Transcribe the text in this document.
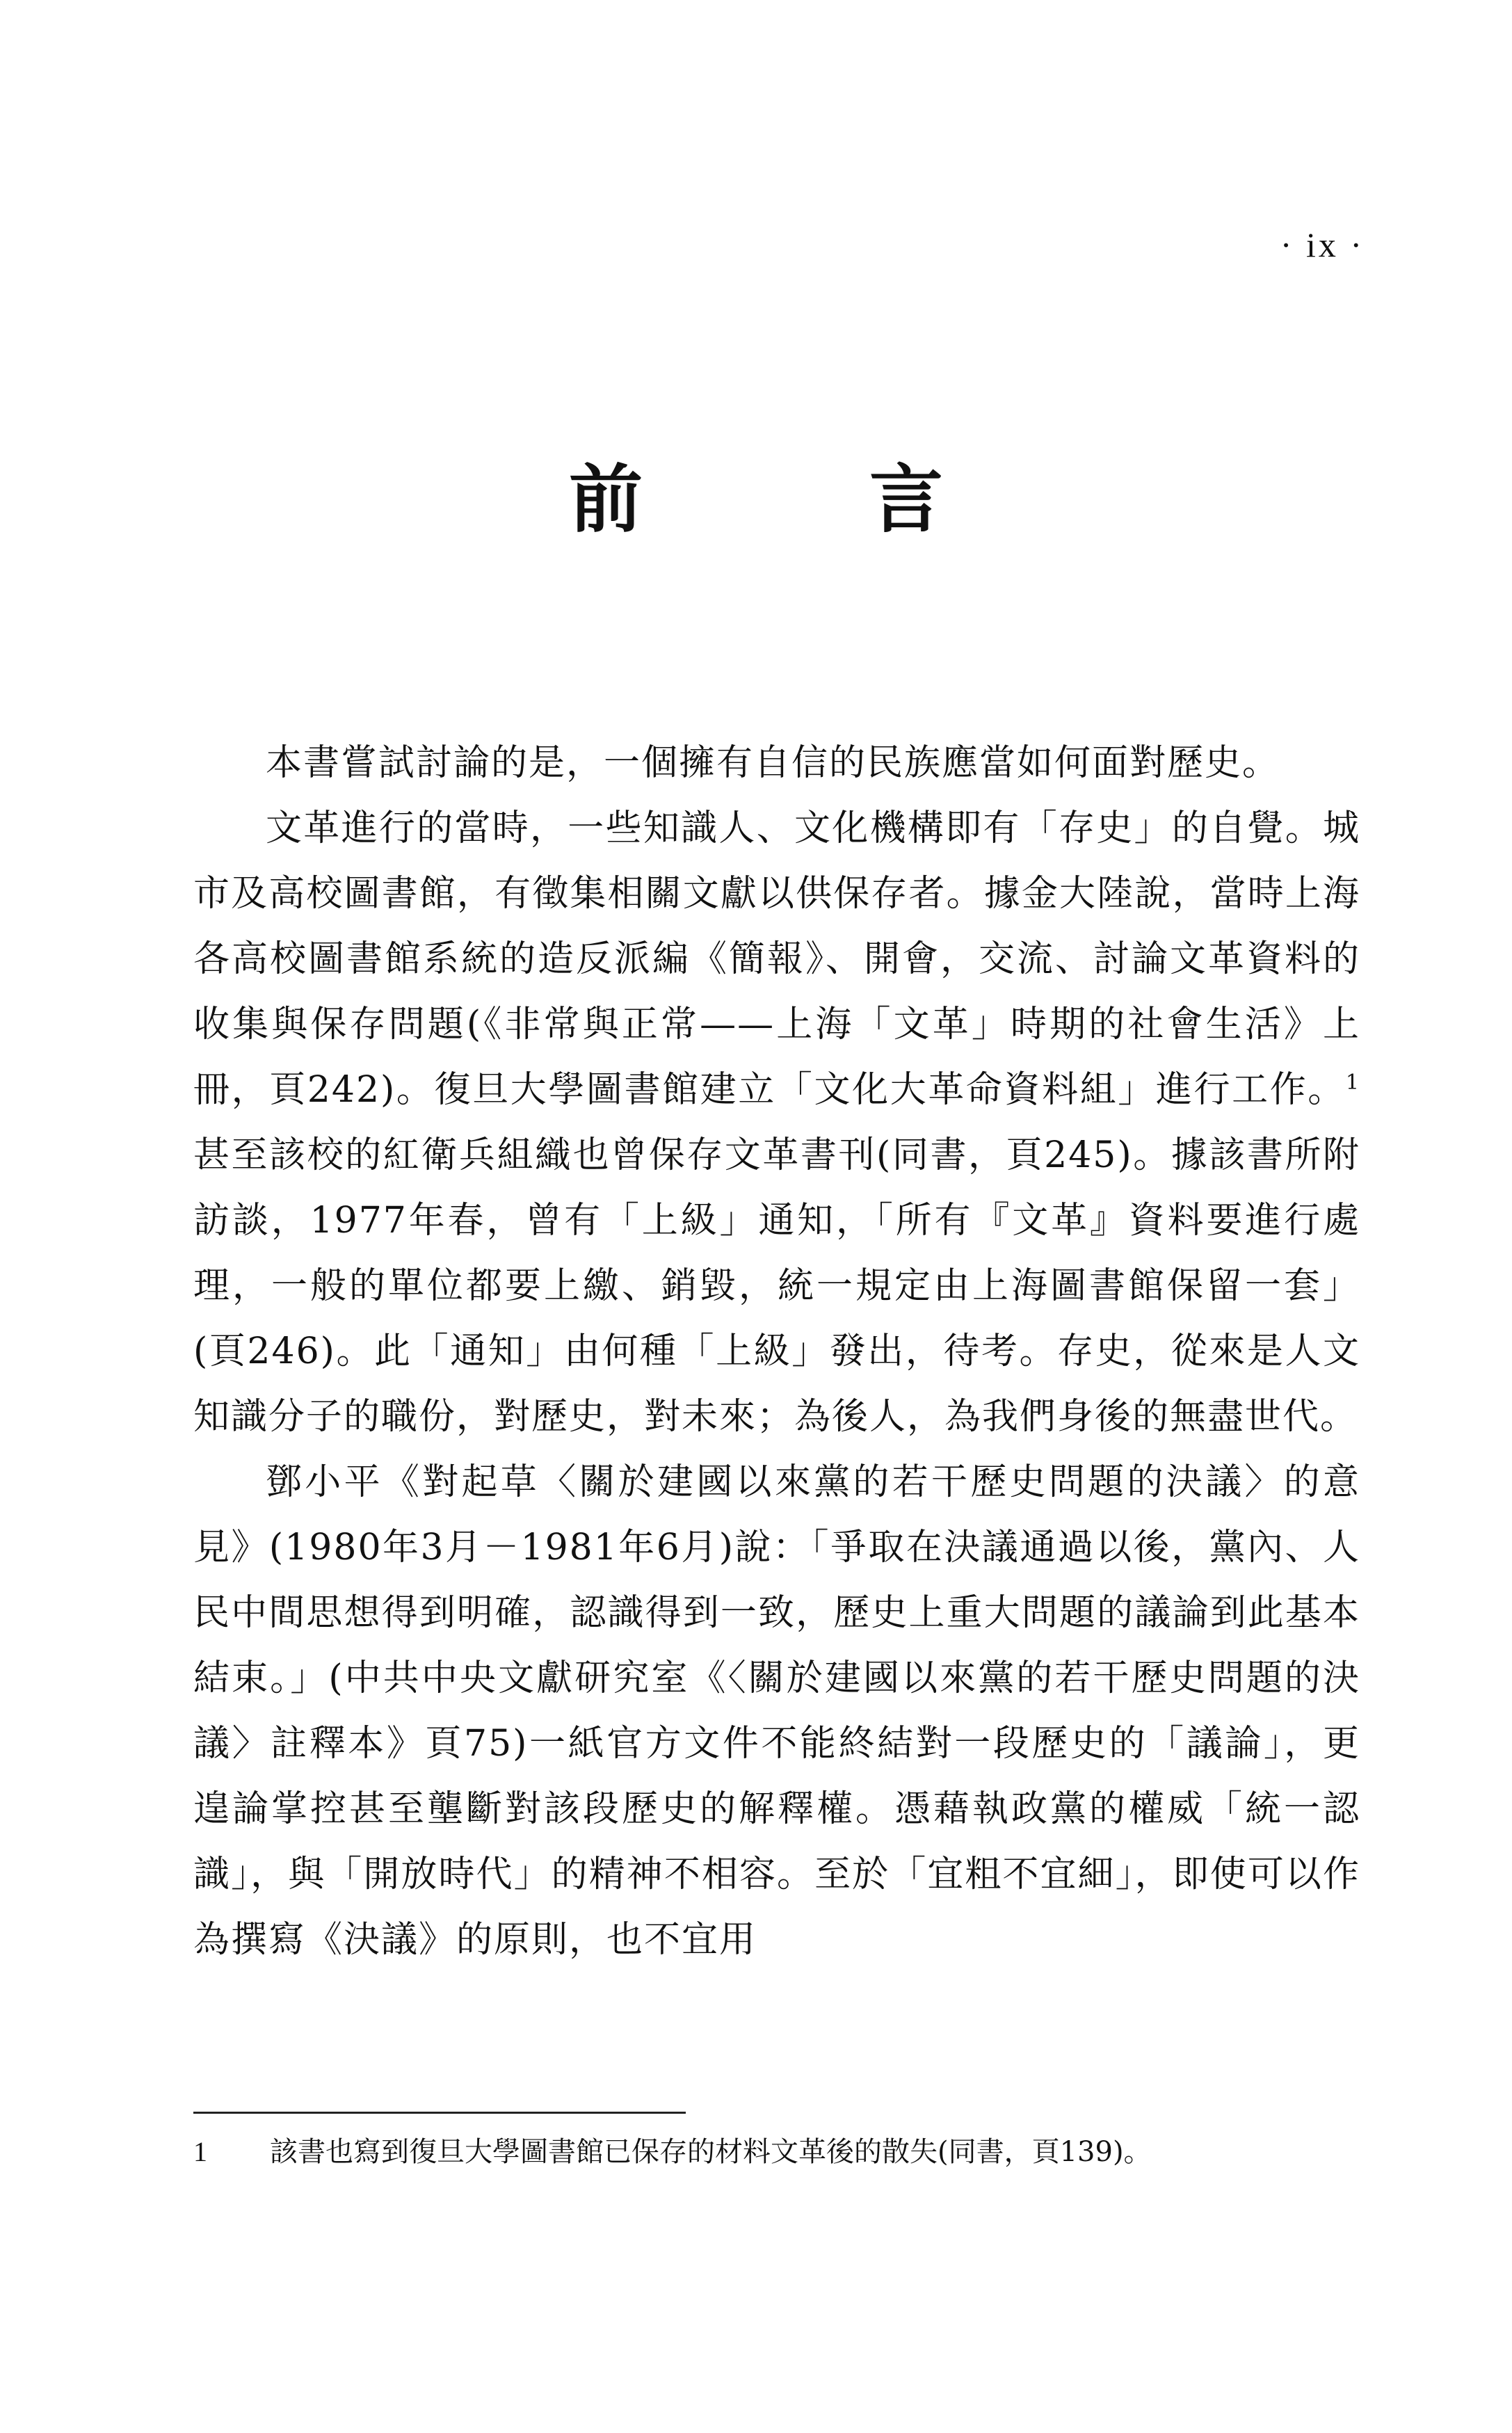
· ix ·
前　言

本書嘗試討論的是，一個擁有自信的民族應當如何面對歷史。

文革進行的當時，一些知識人、文化機構即有「存史」的自覺。城市及高校圖書館，有徵集相關文獻以供保存者。據金大陸說，當時上海各高校圖書館系統的造反派編《簡報》、開會，交流、討論文革資料的收集與保存問題(《非常與正常——上海「文革」時期的社會生活》上冊，頁242)。復旦大學圖書館建立「文化大革命資料組」進行工作。$^1$甚至該校的紅衛兵組織也曾保存文革書刊(同書，頁245)。據該書所附訪談，1977年春，曾有「上級」通知，「所有『文革』資料要進行處理，一般的單位都要上繳、銷毀，統一規定由上海圖書館保留一套」(頁246)。此「通知」由何種「上級」發出，待考。存史，從來是人文知識分子的職份，對歷史，對未來；為後人，為我們身後的無盡世代。

鄧小平《對起草〈關於建國以來黨的若干歷史問題的決議〉的意見》(1980年3月－1981年6月)說：「爭取在決議通過以後，黨內、人民中間思想得到明確，認識得到一致，歷史上重大問題的議論到此基本結束。」(中共中央文獻研究室《〈關於建國以來黨的若干歷史問題的決議〉註釋本》頁75)一紙官方文件不能終結對一段歷史的「議論」，更遑論掌控甚至壟斷對該段歷史的解釋權。憑藉執政黨的權威「統一認識」，與「開放時代」的精神不相容。至於「宜粗不宜細」，即使可以作為撰寫《決議》的原則，也不宜用

1 該書也寫到復旦大學圖書館已保存的材料文革後的散失(同書，頁139)。
